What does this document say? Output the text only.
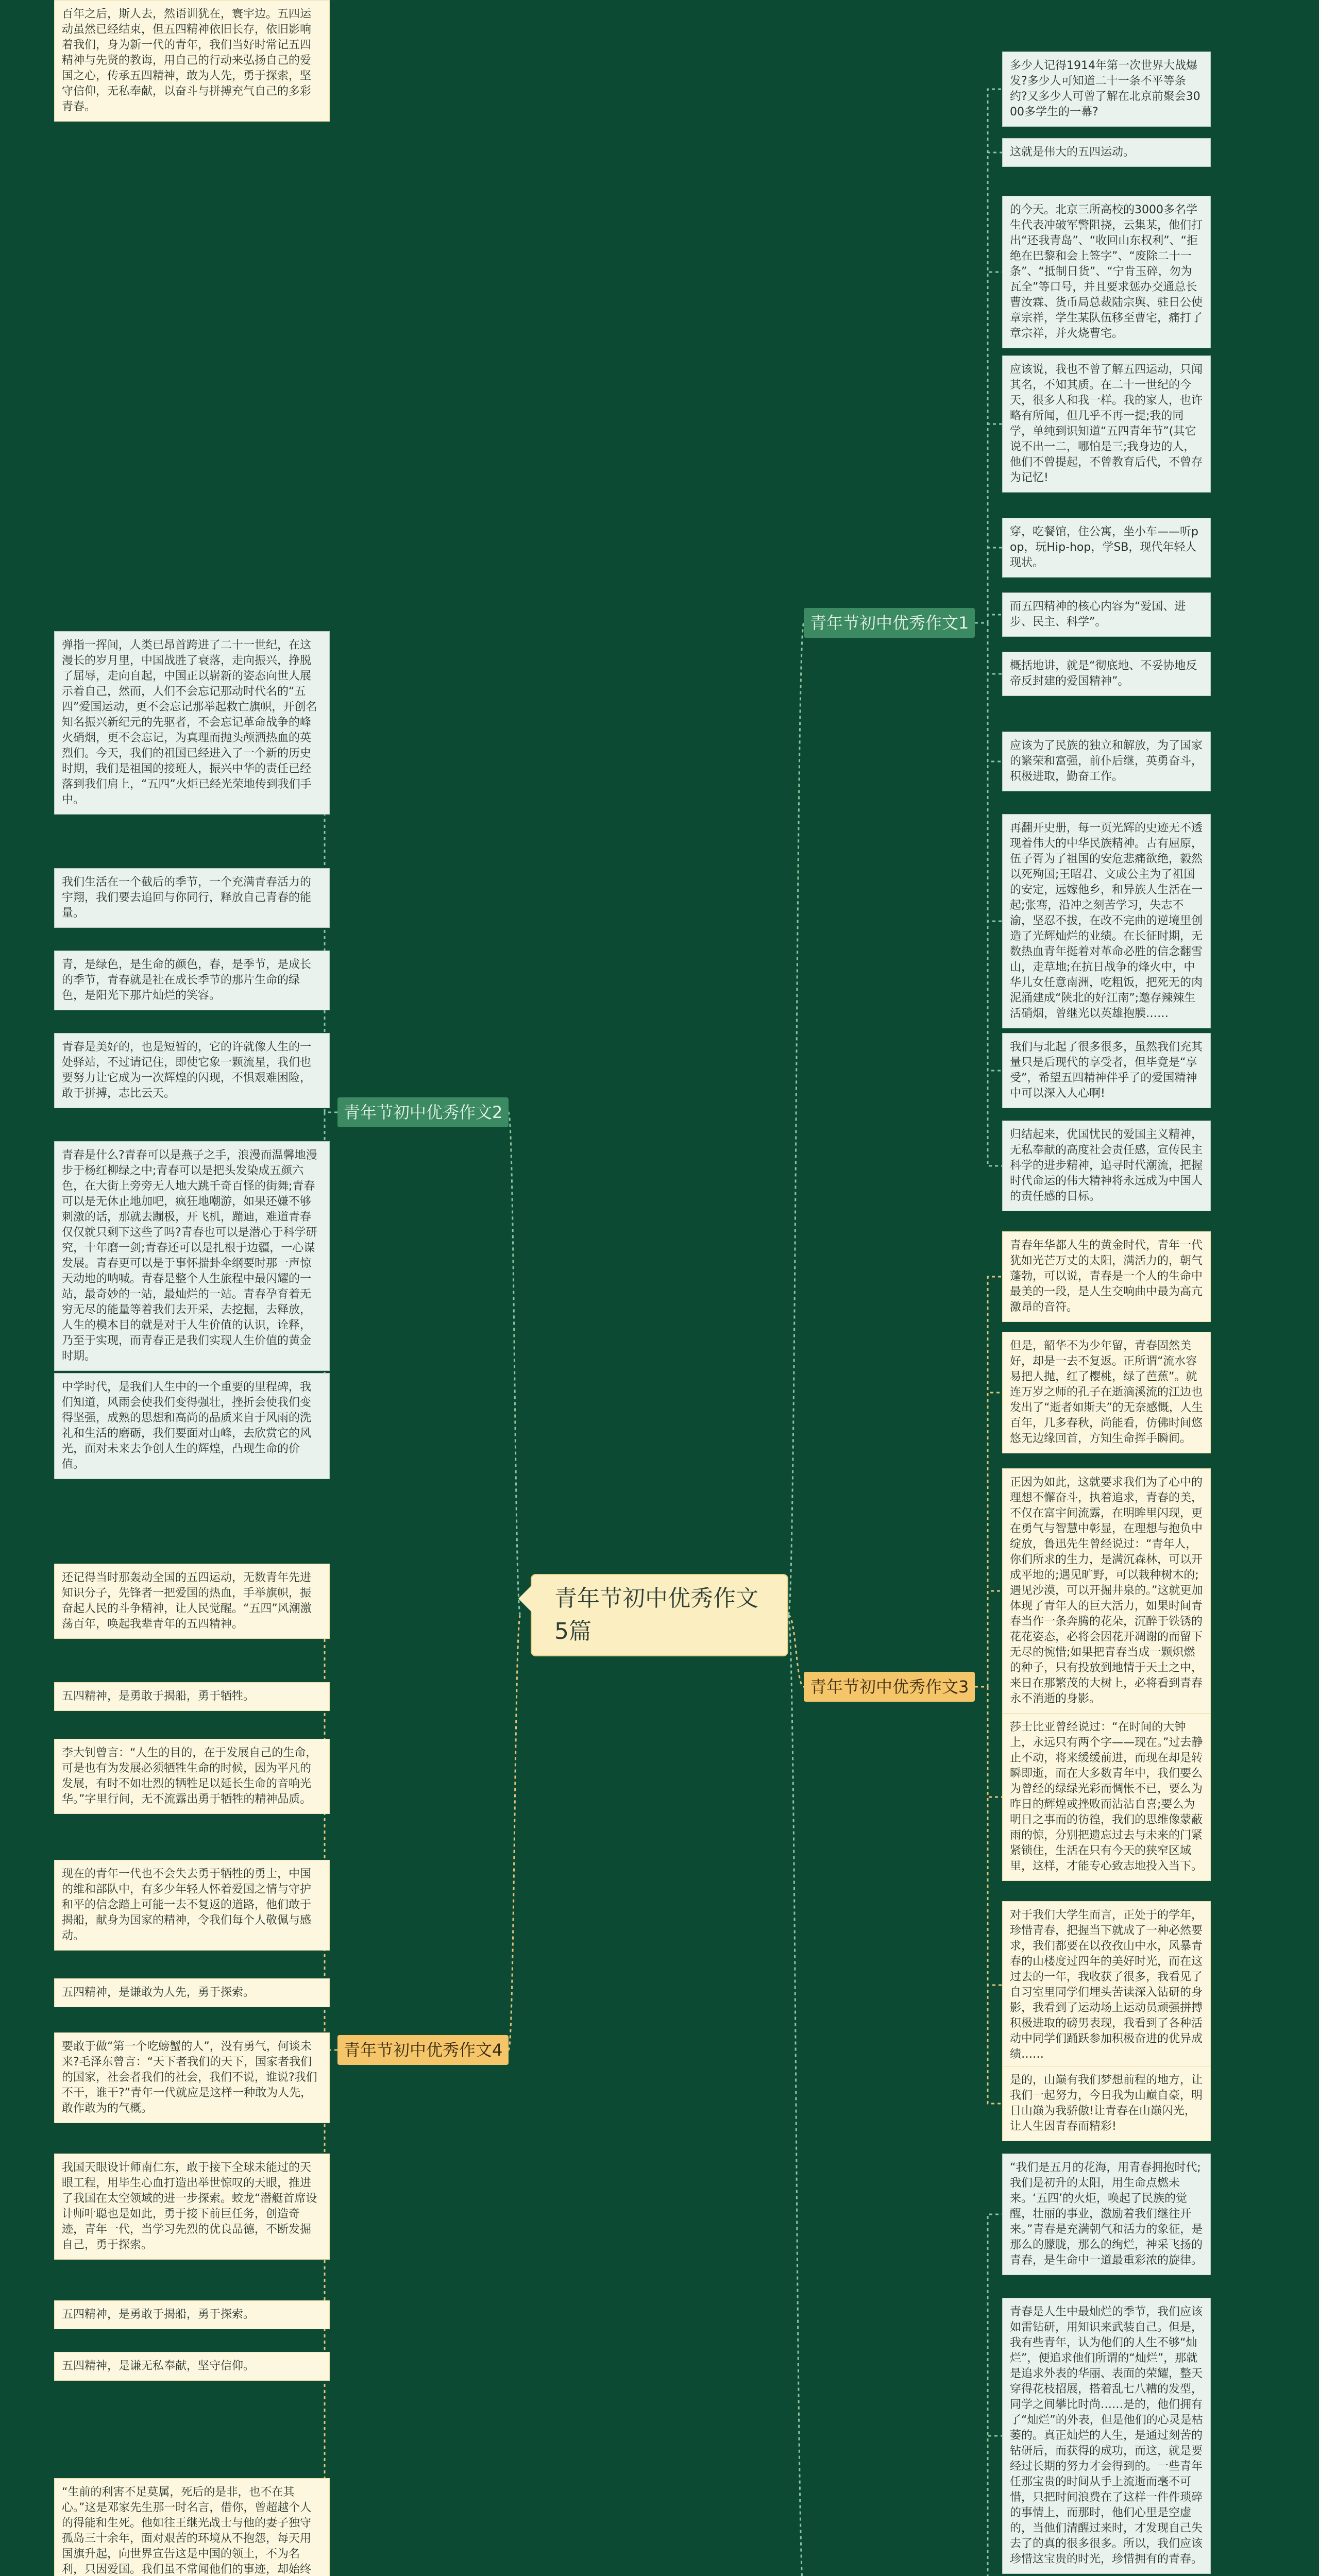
青年节初中优秀作文5篇
青年节初中优秀作文1
多少人记得1914年第一次世界大战爆发?多少人可知道二十一条不平等条约?又多少人可曾了解在北京前聚会3000多学生的一幕?
这就是伟大的五四运动。
的今天。北京三所高校的3000多名学生代表冲破军警阻挠，云集某，他们打出“还我青岛”、“收回山东权利”、“拒绝在巴黎和会上签字”、“废除二十一条”、“抵制日货”、“宁肯玉碎，勿为瓦全”等口号，并且要求惩办交通总长曹汝霖、货币局总裁陆宗舆、驻日公使章宗祥，学生某队伍移至曹宅，痛打了章宗祥，并火烧曹宅。
应该说，我也不曾了解五四运动，只闻其名，不知其质。在二十一世纪的今天，很多人和我一样。我的家人，也许略有所闻，但几乎不再一提;我的同学，单纯到识知道“五四青年节”(其它说不出一二，哪怕是三;我身边的人，他们不曾提起，不曾教育后代，不曾存为记忆!
穿，吃餐馆，住公寓，坐小车——听pop，玩Hip-hop，学SB，现代年轻人现状。
而五四精神的核心内容为“爱国、进步、民主、科学”。
概括地讲，就是“彻底地、不妥协地反帝反封建的爱国精神”。
应该为了民族的独立和解放，为了国家的繁荣和富强，前仆后继，英勇奋斗，积极进取，勤奋工作。
再翻开史册，每一页光辉的史迹无不透现着伟大的中华民族精神。古有屈原，伍子胥为了祖国的安危悲痛欲绝，毅然以死殉国;王昭君、文成公主为了祖国的安定，远嫁他乡，和异族人生活在一起;张骞，沿冲之刻苦学习，失志不渝，坚忍不拔，在改不完曲的逆境里创造了光辉灿烂的业绩。在长征时期，无数热血青年挺着对革命必胜的信念翻雪山，走草地;在抗日战争的烽火中，中华儿女任意南洲，吃粗饭，把死无的肉泥涌建成“陕北的好江南”;邀存辣辣生活硝烟，曾继光以英雄抱膜……
我们与北起了很多很多，虽然我们充其量只是后现代的享受者，但毕竟是“享受”，希望五四精神伴乎了的爱国精神中可以深入人心啊!
归结起来，优国忧民的爱国主义精神，无私奉献的高度社会责任感，宣传民主科学的进步精神，追寻时代潮流，把握时代命运的伟大精神将永远成为中国人的责任感的目标。
青年节初中优秀作文2
弹指一挥间，人类已昂首跨进了二十一世纪，在这漫长的岁月里，中国战胜了衰落，走向振兴，挣脱了屈辱，走向自起，中国正以崭新的姿态向世人展示着自己，然而，人们不会忘记那动时代名的“五四”爱国运动，更不会忘记那举起救亡旗帜，开创名知名振兴新纪元的先驱者，不会忘记革命战争的峰火硝烟，更不会忘记，为真理而抛头颅洒热血的英烈们。今天，我们的祖国已经进入了一个新的历史时期，我们是祖国的接班人，振兴中华的责任已经落到我们肩上，“五四”火炬已经光荣地传到我们手中。
我们生活在一个截后的季节，一个充满青春活力的宇翔，我们要去追回与你同行，释放自己青春的能量。
青，是绿色，是生命的颜色，春，是季节，是成长的季节，青春就是社在成长季节的那片生命的绿色，是阳光下那片灿烂的笑容。
青春是美好的，也是短暂的，它的许就像人生的一处驿站，不过请记住，即使它象一颗流星，我们也要努力让它成为一次辉煌的闪现，不惧艰难困险，敢于拼搏，志比云天。
青春是什么?青春可以是燕子之手，浪漫而温馨地漫步于杨红柳绿之中;青春可以是把头发染成五颜六色，在大街上旁旁无人地大跳千奇百怪的街舞;青春可以是无休止地加吧，疯狂地嘲游，如果还嫌不够刺激的话，那就去蹦极，开飞机，蹦迪，难道青春仅仅就只剩下这些了吗?青春也可以是潜心于科学研究，十年磨一剑;青春还可以是扎根于边疆，一心谋发展。青春更可以是于事怀揣卦伞纲要时那一声惊天动地的呐喊。青春是整个人生旅程中最闪耀的一站，最奇妙的一站，最灿烂的一站。青春孕育着无穷无尽的能量等着我们去开采，去挖掘，去释放，人生的模本目的就是对于人生价值的认识，诠释，乃至于实现，而青春正是我们实现人生价值的黄金时期。
中学时代，是我们人生中的一个重要的里程碑，我们知道，风雨会使我们变得强壮，挫折会使我们变得坚强，成熟的思想和高尚的品质来自于风雨的洗礼和生活的磨砺，我们要面对山峰，去欣赏它的风光，面对未来去争创人生的辉煌，凸现生命的价值。
青年节初中优秀作文3
青春年华都人生的黄金时代，青年一代犹如光芒万丈的太阳，满活力的，朝气蓬勃，可以说，青春是一个人的生命中最美的一段，是人生交响曲中最为高亢激昂的音符。
但是，韶华不为少年留，青春固然美好，却是一去不复返。正所谓“流水容易把人抛，红了樱桃，绿了芭蕉”。就连万岁之师的孔子在逝滴溪流的江边也发出了“逝者如斯夫”的无奈感慨，人生百年，几多春秋，尚能看，仿佛时间悠悠无边缘回首，方知生命挥手瞬间。
正因为如此，这就要求我们为了心中的理想不懈奋斗，执着追求，青春的美，不仅在富宇间流露，在明眸里闪现，更在勇气与智慧中彰显，在理想与抱负中绽放，鲁迅先生曾经说过：“青年人，你们所求的生力，是满沉森林，可以开成平地的;遇见旷野，可以栽种树木的;遇见沙漠，可以开掘井泉的。”这就更加体现了青年人的巨大活力，如果时间青春当作一条奔腾的花朵，沉醉于铁锈的花花姿态，必将会因花开凋谢的而留下无尽的惋惜;如果把青春当成一颗炽燃的种子，只有投放到地情于天土之中，来日在那繁茂的大树上，必将看到青春永不消逝的身影。
莎士比亚曾经说过：“在时间的大钟上，永远只有两个字——现在。”过去静止不动，将来缓缓前进，而现在却是转瞬即逝，而在大多数青年中，我们要么为曾经的绿绿光彩而惆怅不已，要么为昨日的辉煌或挫败而沾沾自喜;要么为明日之事而的彷徨，我们的思维像蒙蔽雨的惊，分别把遗忘过去与未来的门紧紧锁住，生活在只有今天的狭窄区域里，这样，才能专心致志地投入当下。
对于我们大学生而言，正处于的学年，珍惜青春，把握当下就成了一种必然要求，我们都要在以孜孜山中水，风暴青春的山楼度过四年的美好时光，而在这过去的一年，我收获了很多，我看见了自习室里同学们埋头苦读深入钻研的身影，我看到了运动场上运动员顽强拼搏积极进取的磅男表现，我看到了各种活动中同学们踊跃参加积极奋进的优异成绩……
是的，山巅有我们梦想前程的地方，让我们一起努力，今日我为山巅自豪，明日山巅为我骄傲!让青春在山巅闪光，让人生因青春而精彩!
青年节初中优秀作文4
还记得当时那轰动全国的五四运动，无数青年先进知识分子，先锋者一把爱国的热血，手举旗帜，振奋起人民的斗争精神，让人民觉醒。“五四”风潮激荡百年，唤起我辈青年的五四精神。
五四精神，是勇敢于揭船，勇于牺牲。
李大钊曾言：“人生的目的，在于发展自己的生命，可是也有为发展必须牺牲生命的时候，因为平凡的发展，有时不如壮烈的牺牲足以延长生命的音响光华。”字里行间，无不流露出勇于牺牲的精神品质。
现在的青年一代也不会失去勇于牺牲的勇士，中国的维和部队中，有多少年轻人怀着爱国之情与守护和平的信念踏上可能一去不复返的道路，他们敢于揭船，献身为国家的精神，令我们每个人敬佩与感动。
五四精神，是谦敢为人先，勇于探索。
要敢于做“第一个吃螃蟹的人”，没有勇气，何谈未来?毛泽东曾言：“天下者我们的天下，国家者我们的国家，社会者我们的社会，我们不说，谁说?我们不干，谁干?”青年一代就应是这样一种敢为人先，敢作敢为的气概。
我国天眼设计师南仁东，敢于接下全球未能过的天眼工程，用毕生心血打造出举世惊叹的天眼，推进了我国在太空领域的进一步探索。蛟龙“潜艇首席设计师叶聪也是如此，勇于接下前巨任务，创造奇迹，青年一代，当学习先烈的优良品德，不断发掘自己，勇于探索。
五四精神，是勇敢于揭船，勇于探索。
五四精神，是谦无私奉献，坚守信仰。
“生前的利害不足莫属，死后的是非，也不在其心。”这是邓家先生那一时名言，借你，曾超越个人的得能和生死。他如往王继光战士与他的妻子独守孤岛三十余年，面对艰苦的环境从不抱怨，每天用国旗升起，向世界宣告这是中国的领土，不为名利，只因爱国。我们虽不常闻他们的事迹，却始终
百年之后，斯人去，然语训犹在，寰宇边。五四运动虽然已经结束，但五四精神依旧长存，依旧影响着我们，身为新一代的青年，我们当好时常记五四精神与先贤的教诲，用自己的行动来弘扬自己的爱国之心，传承五四精神，敢为人先，勇于探索，坚守信仰，无私奉献，以奋斗与拼搏充气自己的多彩青春。
“我们是五月的花海，用青春拥抱时代;我们是初升的太阳，用生命点燃未来。‘五四’的火炬，唤起了民族的觉醒，壮丽的事业，激励着我们继往开来。”青春是充满朝气和活力的象征，是那么的朦胧，那么的绚烂，神采飞扬的青春，是生命中一道最重彩浓的旋律。
青春是人生中最灿烂的季节，我们应该如雷钻研，用知识来武装自己。但是，我有些青年，认为他们的人生不够“灿烂”，便追求他们所谓的“灿烂”，那就是追求外表的华丽、表面的荣耀，整天穿得花枝招展，搭着乱七八糟的发型，同学之间攀比时尚……是的，他们拥有了“灿烂”的外表，但是他们的心灵是枯萎的。真正灿烂的人生，是通过刻苦的钻研后，而获得的成功，而这，就是要经过长期的努力才会得到的。一些青年任那宝贵的时间从手上流逝而毫不可惜，只把时间浪费在了这样一件件琐碎的事情上，而那时，他们心里是空虚的，当他们清醒过来时，才发现自己失去了的真的很多很多。所以，我们应该珍惜这宝贵的时光，珍惜拥有的青春。
